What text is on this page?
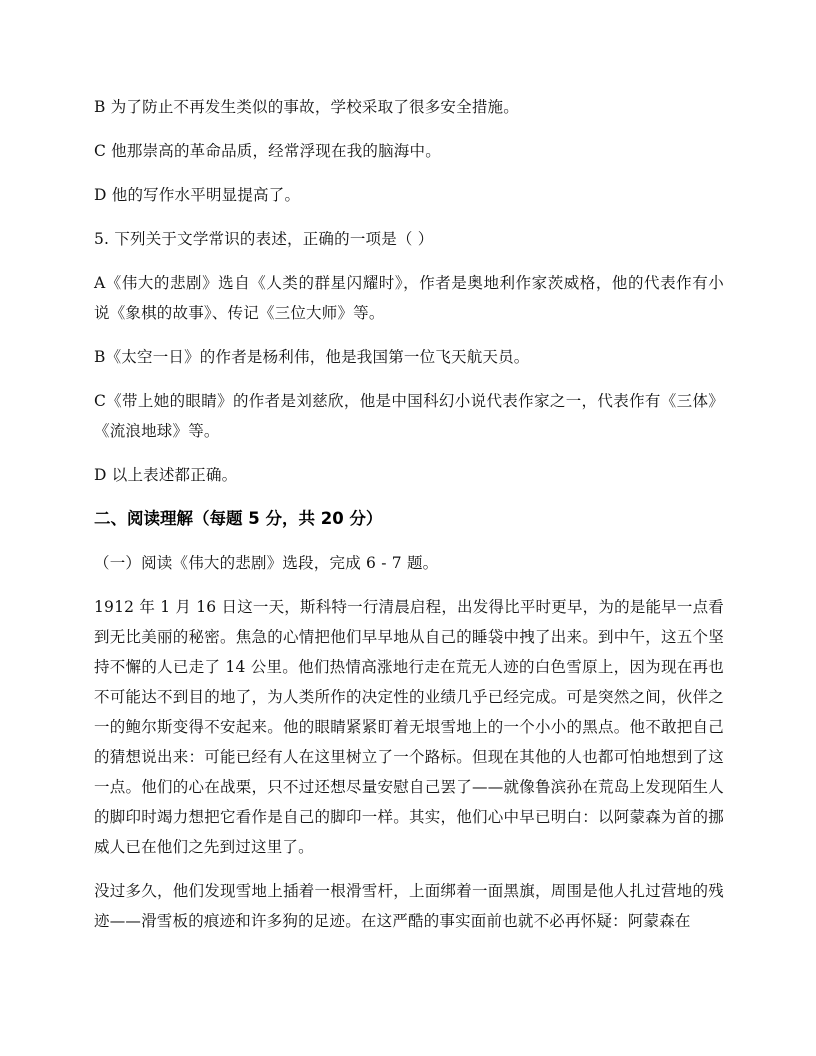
B 为了防止不再发生类似的事故，学校采取了很多安全措施。

C 他那崇高的革命品质，经常浮现在我的脑海中。

D 他的写作水平明显提高了。

5. 下列关于文学常识的表述，正确的一项是（ ）

A《伟大的悲剧》选自《人类的群星闪耀时》，作者是奥地利作家茨威格，他的代表作有小说《象棋的故事》、传记《三位大师》等。

B《太空一日》的作者是杨利伟，他是我国第一位飞天航天员。

C《带上她的眼睛》的作者是刘慈欣，他是中国科幻小说代表作家之一，代表作有《三体》《流浪地球》等。

D 以上表述都正确。

二、阅读理解（每题 5 分，共 20 分）

（一）阅读《伟大的悲剧》选段，完成 6 - 7 题。

1912 年 1 月 16 日这一天，斯科特一行清晨启程，出发得比平时更早，为的是能早一点看到无比美丽的秘密。焦急的心情把他们早早地从自己的睡袋中拽了出来。到中午，这五个坚持不懈的人已走了 14 公里。他们热情高涨地行走在荒无人迹的白色雪原上，因为现在再也不可能达不到目的地了，为人类所作的决定性的业绩几乎已经完成。可是突然之间，伙伴之一的鲍尔斯变得不安起来。他的眼睛紧紧盯着无垠雪地上的一个小小的黑点。他不敢把自己的猜想说出来：可能已经有人在这里树立了一个路标。但现在其他的人也都可怕地想到了这一点。他们的心在战栗，只不过还想尽量安慰自己罢了——就像鲁滨孙在荒岛上发现陌生人的脚印时竭力想把它看作是自己的脚印一样。其实，他们心中早已明白：以阿蒙森为首的挪威人已在他们之先到过这里了。

没过多久，他们发现雪地上插着一根滑雪杆，上面绑着一面黑旗，周围是他人扎过营地的残迹——滑雪板的痕迹和许多狗的足迹。在这严酷的事实面前也就不必再怀疑：阿蒙森在
